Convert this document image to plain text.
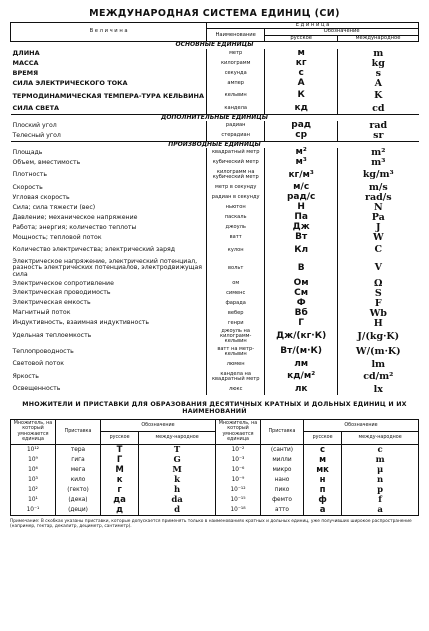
МЕЖДУНАРОДНАЯ СИСТЕМА ЕДИНИЦ (СИ)
В е л и ч и н а	Е д и н и ц а		
	Наименование	Обозначение	
		русское	международное
ОСНОВНЫЕ ЕДИНИЦЫ			
ДЛИНА	метр	м	m
МАССА	килограмм	кг	kg
ВРЕМЯ	секунда	с	s
СИЛА ЭЛЕКТРИЧЕСКОГО ТОКА	ампер	А	A
ТЕРМОДИНАМИЧЕСКАЯ ТЕМПЕРА-ТУРА КЕЛЬВИНА	кельвин	К	K
СИЛА СВЕТА	кандела	кд	cd
ДОПОЛНИТЕЛЬНЫЕ ЕДИНИЦЫ			
Плоский угол	радиан	рад	rad
Телесный угол	стерадиан	ср	sr
ПРОИЗВОДНЫЕ ЕДИНИЦЫ			
Площадь	квадратный метр	м²	m²
Объем, вместимость	кубический метр	м³	m³
Плотность	килограмм на кубический метр	кг/м³	kg/m³
Скорость	метр в секунду	м/с	m/s
Угловая скорость	радиан в секунду	рад/с	rad/s
Сила; сила тяжести (вес)	ньютон	Н	N
Давление; механическое напряжение	паскаль	Па	Pa
Работа; энергия; количество теплоты	джоуль	Дж	J
Мощность; тепловой поток	ватт	Вт	W
Количество электричества; электрический заряд	кулон	Кл	C
Электрическое напряжение, электрический потенциал, разность электрических потенциалов, электродвижущая сила	вольт	В	V
Электрическое сопротивление	ом	Ом	Ω
Электрическая проводимость	сименс	См	S
Электрическая емкость	фарада	Ф	F
Магнитный поток	вебер	Вб	Wb
Индуктивность, взаимная индуктивность	генри	Г	H
Удельная теплоемкость	джоуль на килограмм-кельвин	Дж/(кг·К)	J/(kg·K)
Теплопроводность	ватт на метр-кельвин	Вт/(м·К)	W/(m·K)
Световой поток	люмен	лм	lm
Яркость	кандела на квадратный метр	кд/м²	cd/m²
Освещенность	люкс	лк	lx
МНОЖИТЕЛИ И ПРИСТАВКИ ДЛЯ ОБРАЗОВАНИЯ ДЕСЯТИЧНЫХ КРАТНЫХ И ДОЛЬНЫХ ЕДИНИЦ И ИХ НАИМЕНОВАНИЙ
Множитель, на который умножается единица	Приставка	Обозначение		Множитель, на который умножается единица	Приставка	Обозначение	
		русское	между-народное			русское	между-народное
10¹²	тера	Т	T	10⁻²	(санти)	с	c
10⁹	гига	Г	G	10⁻³	милли	м	m
10⁶	мега	М	M	10⁻⁶	микро	мк	μ
10³	кило	к	k	10⁻⁹	нано	н	n
10²	(гекто)	г	h	10⁻¹²	пико	п	p
10¹	(дека)	да	da	10⁻¹⁵	фемто	ф	f
10⁻¹	(деци)	д	d	10⁻¹⁸	атто	а	a
Примечание: В скобках указаны приставки, которые допускается применять только в наименованиях кратных и дольных единиц, уже получивших широкое распространение (например, гектар, декалитр, дециметр, сантиметр).
